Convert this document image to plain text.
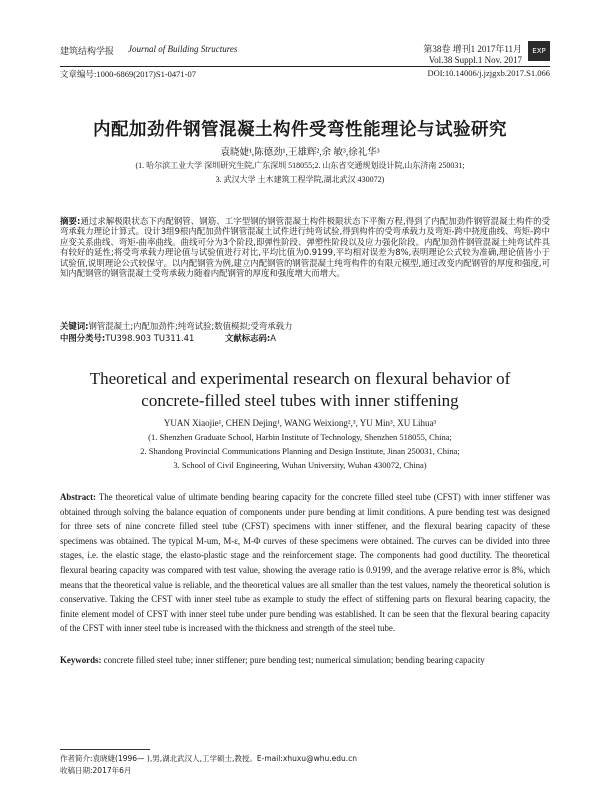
建筑结构学报 Journal of Building Structures	第38卷 增刊1 2017年11月
Vol.38 Suppl.1 Nov. 2017
EXP
文章编号:1000-6869(2017)S1-0471-07	DOI:10.14006/j.jzjgxb.2017.S1.066
内配加劲件钢管混凝土构件受弯性能理论与试验研究
袁晓婕¹,陈德劲¹,王雄辉²,余 敏³,徐礼华³
(1. 哈尔滨工业大学 深圳研究生院,广东深圳 518055;2. 山东省交通规划设计院,山东济南 250031;
3. 武汉大学 土木建筑工程学院,湖北武汉 430072)
摘要:通过求解极限状态下内配钢管、钢筋、工字型钢的钢管混凝土构件极限状态下平衡方程,得到了内配加劲件钢管混凝土构件的受弯承载力理论计算式。设计3组9根内配加劲件钢管混凝土试件进行纯弯试验,得到构件的受弯承载力及弯矩-跨中挠度曲线、弯矩-跨中应变关系曲线、弯矩-曲率曲线。曲线可分为3个阶段,即弹性阶段、弹塑性阶段以及应力强化阶段。内配加劲件钢管混凝土纯弯试件具有较好的延性;将受弯承载力理论值与试验值进行对比,平均比值为0.9199,平均相对误差为8%,表明理论公式较为准确,理论值皆小于试验值,说明理论公式较保守。以内配钢管为例,建立内配钢管的钢管混凝土纯弯构件的有限元模型,通过改变内配钢管的厚度和强度,可知内配钢管的钢管混凝土受弯承载力随着内配钢管的厚度和强度增大而增大。
关键词:钢管混凝土;内配加劲件;纯弯试验;数值模拟;受弯承载力
中图分类号:TU398.903 TU311.41	文献标志码:A
Theoretical and experimental research on flexural behavior of
concrete-filled steel tubes with inner stiffening
YUAN Xiaojie¹, CHEN Dejing¹, WANG Weixiong²,³, YU Min³, XU Lihua³
(1. Shenzhen Graduate School, Harbin Institute of Technology, Shenzhen 518055, China;
2. Shandong Provincial Communications Planning and Design Institute, Jinan 250031, China;
3. School of Civil Engineering, Wuhan University, Wuhan 430072, China)
Abstract: The theoretical value of ultimate bending bearing capacity for the concrete filled steel tube (CFST) with inner stiffener was obtained through solving the balance equation of components under pure bending at limit conditions. A pure bending test was designed for three sets of nine concrete filled steel tube (CFST) specimens with inner stiffener, and the flexural bearing capacity of these specimens was obtained. The typical M-um, M-ε, M-Φ curves of these specimens were obtained. The curves can be divided into three stages, i.e. the elastic stage, the elasto-plastic stage and the reinforcement stage. The components had good ductility. The theoretical flexural bearing capacity was compared with test value, showing the average ratio is 0.9199, and the average relative error is 8%, which means that the theoretical value is reliable, and the theoretical values are all smaller than the test values, namely the theoretical solution is conservative. Taking the CFST with inner steel tube as example to study the effect of stiffening parts on flexural bearing capacity, the finite element model of CFST with inner steel tube under pure bending was established. It can be seen that the flexural bearing capacity of the CFST with inner steel tube is increased with the thickness and strength of the steel tube.
Keywords: concrete filled steel tube; inner stiffener; pure bending test; numerical simulation; bending bearing capacity
作者简介:袁晓婕(1996— ),男,湖北武汉人,工学硕士,教授。E-mail:xhuxu@whu.edu.cn
收稿日期:2017年6月
